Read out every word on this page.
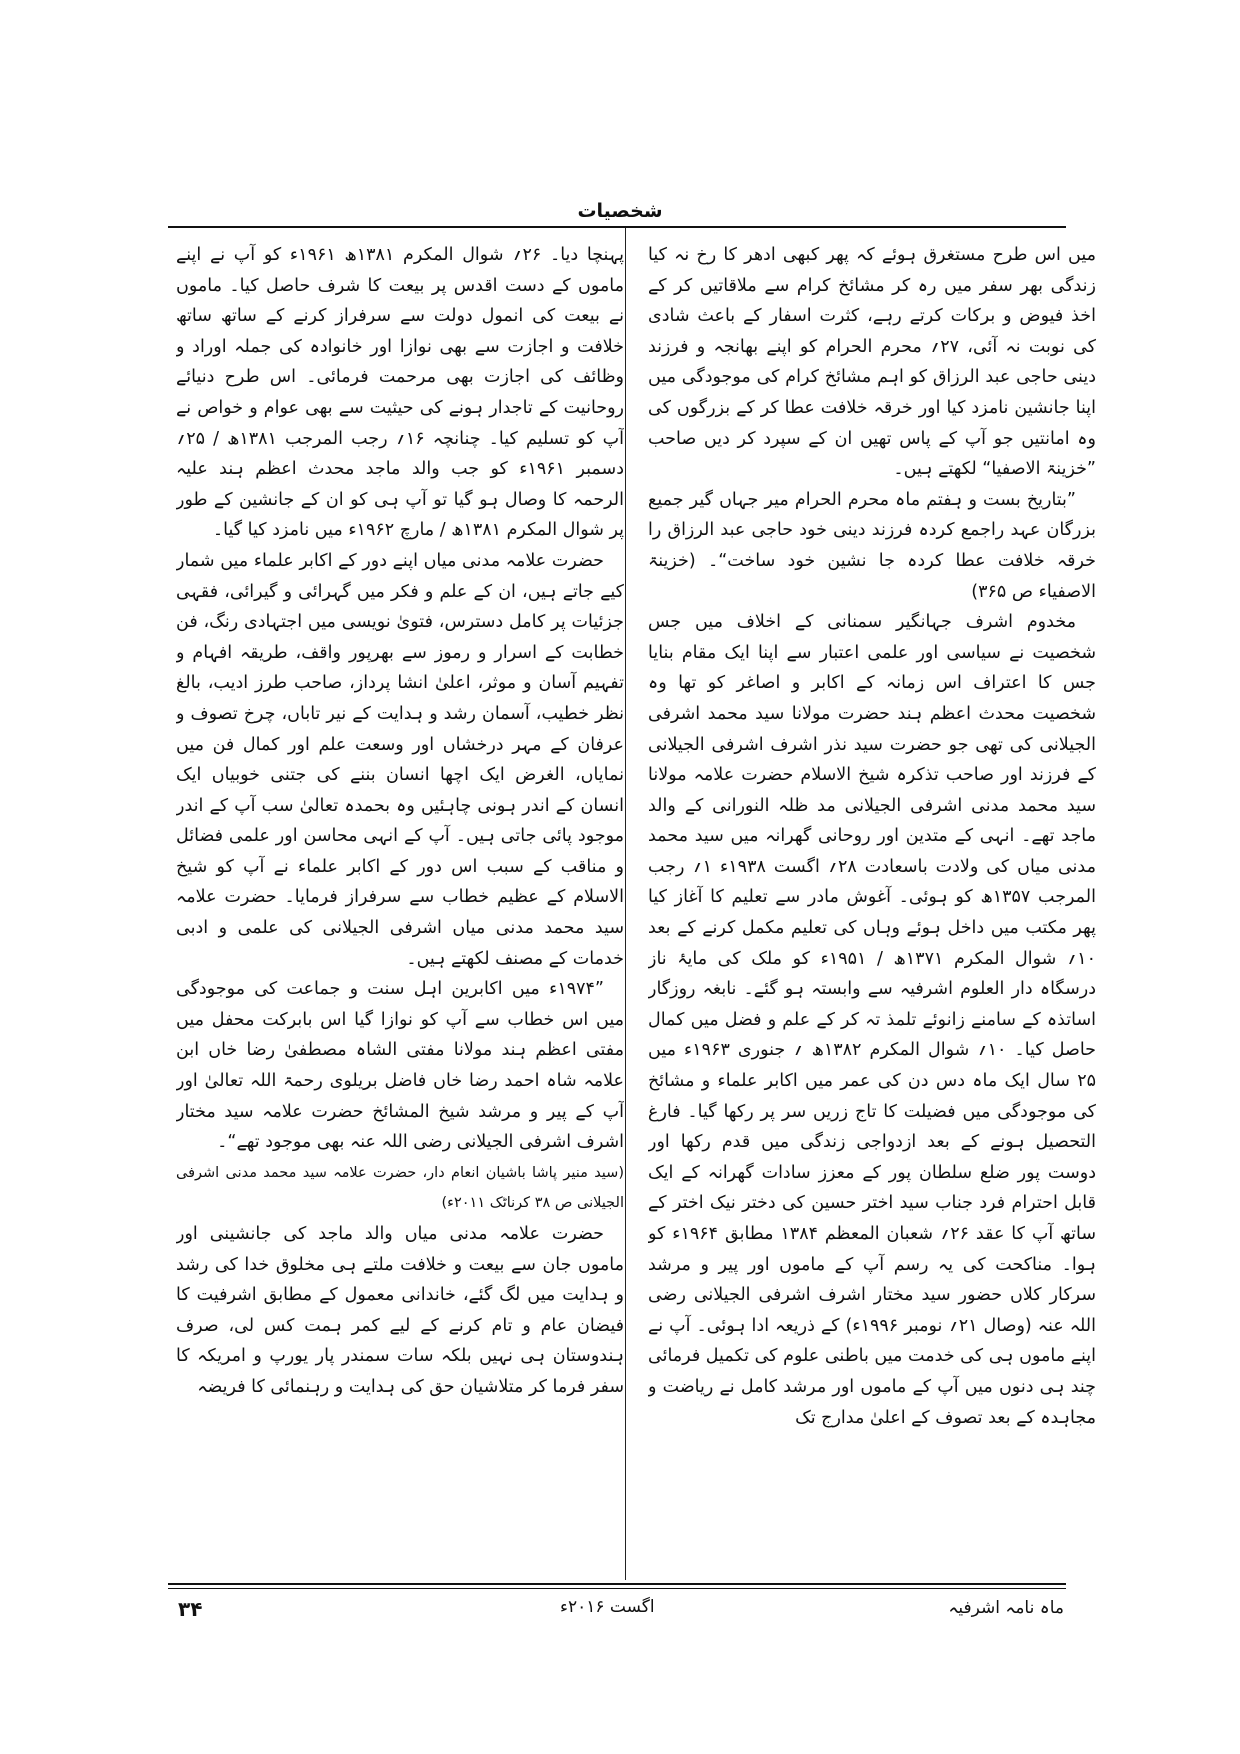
شخصیات

میں اس طرح مستغرق ہوئے کہ پھر کبھی ادھر کا رخ نہ کیا زندگی بھر سفر میں رہ کر مشائخ کرام سے ملاقاتیں کر کے اخذ فیوض و برکات کرتے رہے، کثرت اسفار کے باعث شادی کی نوبت نہ آئی، ۲۷؍ محرم الحرام کو اپنے بھانجہ و فرزند دینی حاجی عبد الرزاق کو اہم مشائخ کرام کی موجودگی میں اپنا جانشین نامزد کیا اور خرقہ خلافت عطا کر کے بزرگوں کی وہ امانتیں جو آپ کے پاس تھیں ان کے سپرد کر دیں صاحب ”خزینۃ الاصفیا“ لکھتے ہیں۔

”بتاریخ بست و ہفتم ماہ محرم الحرام میر جہاں گیر جمیع بزرگان عہد راجمع کردہ فرزند دینی خود حاجی عبد الرزاق را خرقہ خلافت عطا کردہ جا نشین خود ساخت“۔ (خزینۃ الاصفیاء ص ۳۶۵)

مخدوم اشرف جہانگیر سمنانی کے اخلاف میں جس شخصیت نے سیاسی اور علمی اعتبار سے اپنا ایک مقام بنایا جس کا اعتراف اس زمانہ کے اکابر و اصاغر کو تھا وہ شخصیت محدث اعظم ہند حضرت مولانا سید محمد اشرفی الجیلانی کی تھی جو حضرت سید نذر اشرف اشرفی الجیلانی کے فرزند اور صاحب تذکرہ شیخ الاسلام حضرت علامہ مولانا سید محمد مدنی اشرفی الجیلانی مد ظلہ النورانی کے والد ماجد تھے۔ انہی کے متدین اور روحانی گھرانہ میں سید محمد مدنی میاں کی ولادت باسعادت ۲۸؍ اگست ۱۹۳۸ء ۱؍ رجب المرجب ۱۳۵۷ھ کو ہوئی۔ آغوش مادر سے تعلیم کا آغاز کیا پھر مکتب میں داخل ہوئے وہاں کی تعلیم مکمل کرنے کے بعد ۱۰؍ شوال المکرم ۱۳۷۱ھ / ۱۹۵۱ء کو ملک کی مایۂ ناز درسگاہ دار العلوم اشرفیہ سے وابستہ ہو گئے۔ نابغہ روزگار اساتذہ کے سامنے زانوئے تلمذ تہ کر کے علم و فضل میں کمال حاصل کیا۔ ۱۰؍ شوال المکرم ۱۳۸۲ھ ؍ جنوری ۱۹۶۳ء میں ۲۵ سال ایک ماہ دس دن کی عمر میں اکابر علماء و مشائخ کی موجودگی میں فضیلت کا تاج زریں سر پر رکھا گیا۔ فارغ التحصیل ہونے کے بعد ازدواجی زندگی میں قدم رکھا اور دوست پور ضلع سلطان پور کے معزز سادات گھرانہ کے ایک قابل احترام فرد جناب سید اختر حسین کی دختر نیک اختر کے ساتھ آپ کا عقد ۲۶؍ شعبان المعظم ۱۳۸۴ مطابق ۱۹۶۴ء کو ہوا۔ مناکحت کی یہ رسم آپ کے ماموں اور پیر و مرشد سرکار کلاں حضور سید مختار اشرف اشرفی الجیلانی رضی اللہ عنہ (وصال ۲۱؍ نومبر ۱۹۹۶ء) کے ذریعہ ادا ہوئی۔ آپ نے اپنے ماموں ہی کی خدمت میں باطنی علوم کی تکمیل فرمائی چند ہی دنوں میں آپ کے ماموں اور مرشد کامل نے ریاضت و مجاہدہ کے بعد تصوف کے اعلیٰ مدارج تک

پہنچا دیا۔ ۲۶؍ شوال المکرم ۱۳۸۱ھ ۱۹۶۱ء کو آپ نے اپنے ماموں کے دست اقدس پر بیعت کا شرف حاصل کیا۔ ماموں نے بیعت کی انمول دولت سے سرفراز کرنے کے ساتھ ساتھ خلافت و اجازت سے بھی نوازا اور خانوادہ کی جملہ اوراد و وظائف کی اجازت بھی مرحمت فرمائی۔ اس طرح دنیائے روحانیت کے تاجدار ہونے کی حیثیت سے بھی عوام و خواص نے آپ کو تسلیم کیا۔ چنانچہ ۱۶؍ رجب المرجب ۱۳۸۱ھ / ۲۵؍ دسمبر ۱۹۶۱ء کو جب والد ماجد محدث اعظم ہند علیہ الرحمہ کا وصال ہو گیا تو آپ ہی کو ان کے جانشین کے طور پر شوال المکرم ۱۳۸۱ھ / مارچ ۱۹۶۲ء میں نامزد کیا گیا۔

حضرت علامہ مدنی میاں اپنے دور کے اکابر علماء میں شمار کیے جاتے ہیں، ان کے علم و فکر میں گہرائی و گیرائی، فقہی جزئیات پر کامل دسترس، فتویٰ نویسی میں اجتہادی رنگ، فن خطابت کے اسرار و رموز سے بھرپور واقف، طریقہ افہام و تفہیم آسان و موثر، اعلیٰ انشا پرداز، صاحب طرز ادیب، بالغ نظر خطیب، آسمان رشد و ہدایت کے نیر تاباں، چرخ تصوف و عرفان کے مہر درخشاں اور وسعت علم اور کمال فن میں نمایاں، الغرض ایک اچھا انسان بننے کی جتنی خوبیاں ایک انسان کے اندر ہونی چاہئیں وہ بحمدہ تعالیٰ سب آپ کے اندر موجود پائی جاتی ہیں۔ آپ کے انہی محاسن اور علمی فضائل و مناقب کے سبب اس دور کے اکابر علماء نے آپ کو شیخ الاسلام کے عظیم خطاب سے سرفراز فرمایا۔ حضرت علامہ سید محمد مدنی میاں اشرفی الجیلانی کی علمی و ادبی خدمات کے مصنف لکھتے ہیں۔

”۱۹۷۴ء میں اکابرین اہل سنت و جماعت کی موجودگی میں اس خطاب سے آپ کو نوازا گیا اس بابرکت محفل میں مفتی اعظم ہند مولانا مفتی الشاہ مصطفیٰ رضا خاں ابن علامہ شاہ احمد رضا خاں فاضل بریلوی رحمۃ اللہ تعالیٰ اور آپ کے پیر و مرشد شیخ المشائخ حضرت علامہ سید مختار اشرف اشرفی الجیلانی رضی اللہ عنہ بھی موجود تھے“۔

(سید منیر پاشا باشیان انعام دار، حضرت علامہ سید محمد مدنی اشرفی الجیلانی ص ۳۸ کرناٹک ۲۰۱۱ء)

حضرت علامہ مدنی میاں والد ماجد کی جانشینی اور ماموں جان سے بیعت و خلافت ملتے ہی مخلوق خدا کی رشد و ہدایت میں لگ گئے، خاندانی معمول کے مطابق اشرفیت کا فیضان عام و تام کرنے کے لیے کمر ہمت کس لی، صرف ہندوستان ہی نہیں بلکہ سات سمندر پار یورپ و امریکہ کا سفر فرما کر متلاشیان حق کی ہدایت و رہنمائی کا فریضہ

ماہ نامہ اشرفیہ
اگست ۲۰۱۶ء
۳۴
